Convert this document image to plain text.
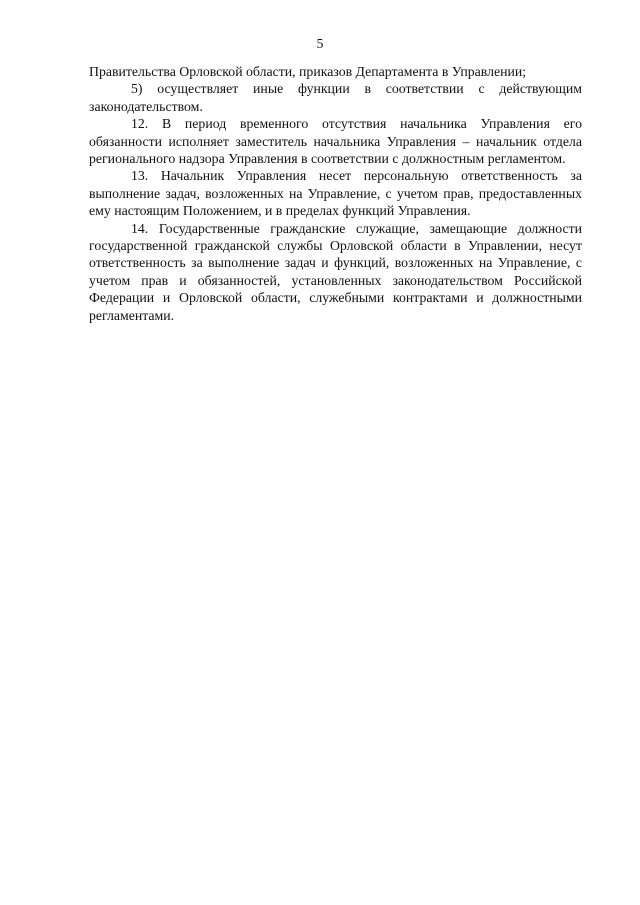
5

Правительства Орловской области, приказов Департамента в Управлении;

5) осуществляет иные функции в соответствии с действующим законодательством.

12. В период временного отсутствия начальника Управления его обязанности исполняет заместитель начальника Управления – начальник отдела регионального надзора Управления в соответствии с должностным регламентом.

13. Начальник Управления несет персональную ответственность за выполнение задач, возложенных на Управление, с учетом прав, предоставленных ему настоящим Положением, и в пределах функций Управления.

14. Государственные гражданские служащие, замещающие должности государственной гражданской службы Орловской области в Управлении, несут ответственность за выполнение задач и функций, возложенных на Управление, с учетом прав и обязанностей, установленных законодательством Российской Федерации и Орловской области, служебными контрактами и должностными регламентами.
